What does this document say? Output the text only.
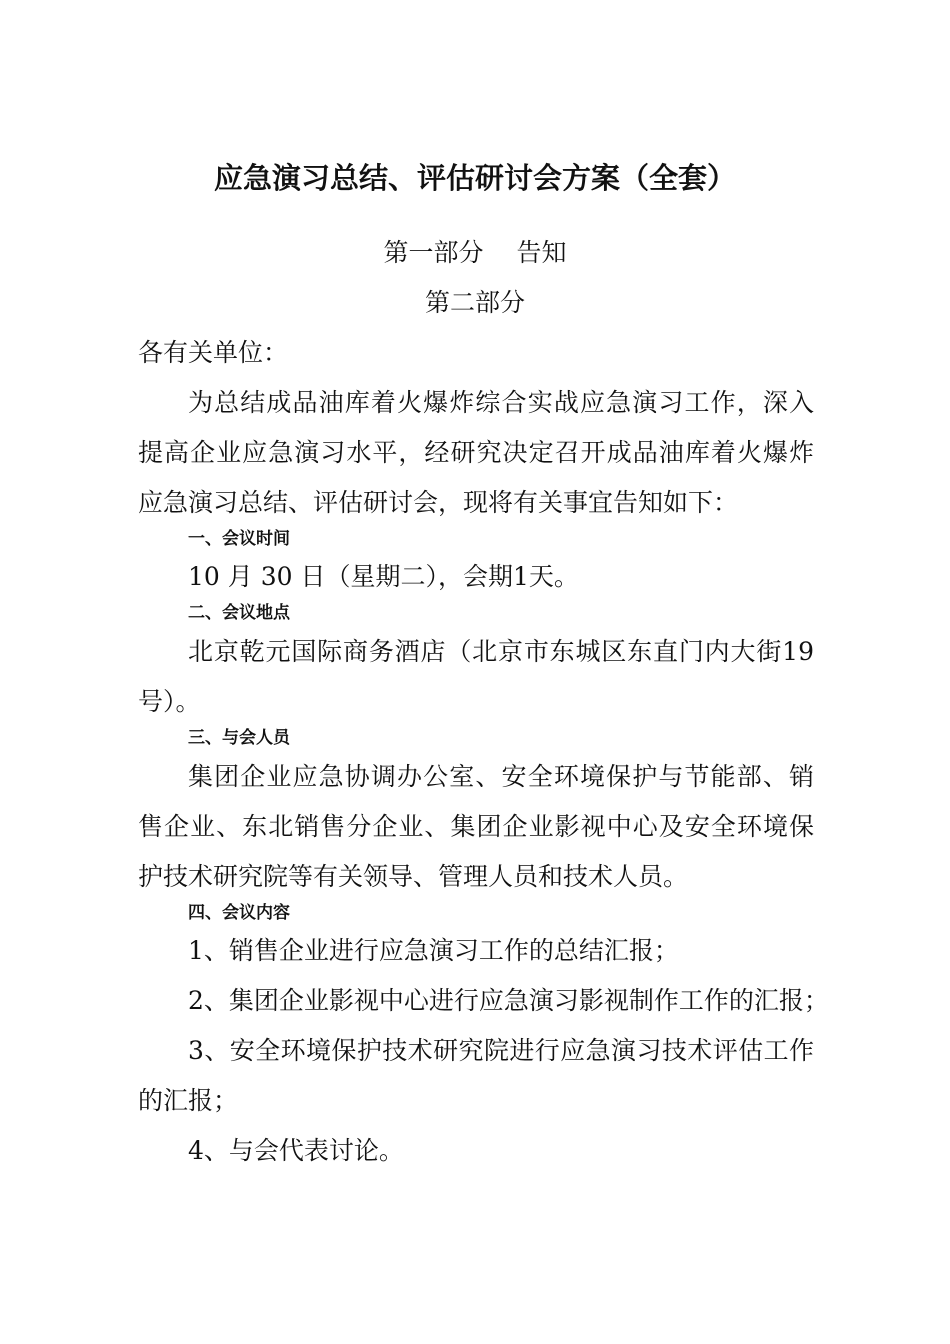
应急演习总结、评估研讨会方案（全套）
第一部分　 告知
第二部分
各有关单位：
为总结成品油库着火爆炸综合实战应急演习工作，深入
提高企业应急演习水平，经研究决定召开成品油库着火爆炸
应急演习总结、评估研讨会，现将有关事宜告知如下：
一、会议时间
10 月 30 日（星期二），会期1天。
二、会议地点
北京乾元国际商务酒店（北京市东城区东直门内大街19
号）。
三、与会人员
集团企业应急协调办公室、安全环境保护与节能部、销
售企业、东北销售分企业、集团企业影视中心及安全环境保
护技术研究院等有关领导、管理人员和技术人员。
四、会议内容
1、销售企业进行应急演习工作的总结汇报；
2、集团企业影视中心进行应急演习影视制作工作的汇报；
3、安全环境保护技术研究院进行应急演习技术评估工作
的汇报；
4、与会代表讨论。
